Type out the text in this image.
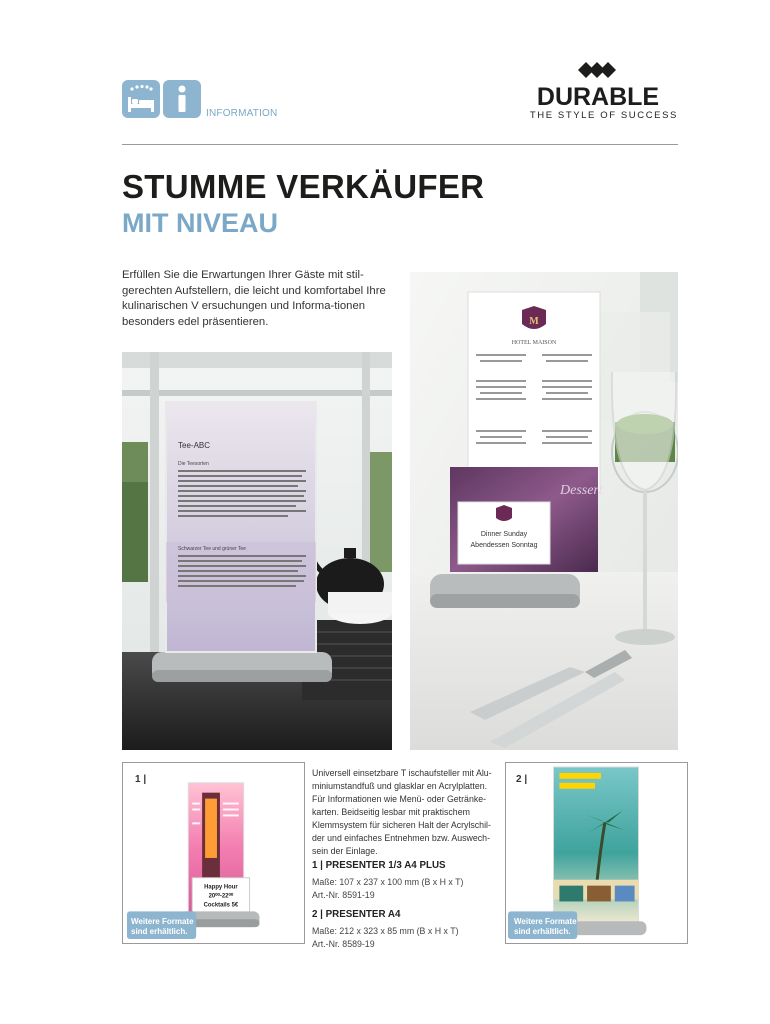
INFORMATION
DURABLE
THE STYLE OF SUCCESS
STUMME VERKÄUFER
MIT NIVEAU
Erfüllen Sie die Erwartungen Ihrer Gäste mit stil-gerechten Aufstellern, die leicht und komfortabel Ihre kulinarischen V ersuchungen und Informa-tionen besonders edel präsentieren.
Tee-ABC
Die Teesorten
Schwarzer Tee und grüner Tee
M
HOTEL MAISON
Dessert
Dinner Sunday
Abendessen Sonntag
Happy Hour
20⁰⁰-22⁰⁰
Cocktails 5€
1 |
Weitere Formate
sind erhältlich.
2 |
Weitere Formate
sind erhältlich.
Universell einsetzbare T ischaufsteller mit Alu-miniumstandfuß und glasklar en Acrylplatten. Für Informationen wie Menü- oder Getränke-karten. Beidseitig lesbar mit praktischem Klemmsystem für sicheren Halt der Acrylschil-der und einfaches Entnehmen bzw. Auswech-sein der Einlage.
1 | PRESENTER 1/3 A4 PLUS
Maße: 107 x 237 x 100 mm (B x H x T)
Art.-Nr. 8591-19
2 | PRESENTER A4
Maße: 212 x 323 x 85 mm (B x H x T)
Art.-Nr. 8589-19
